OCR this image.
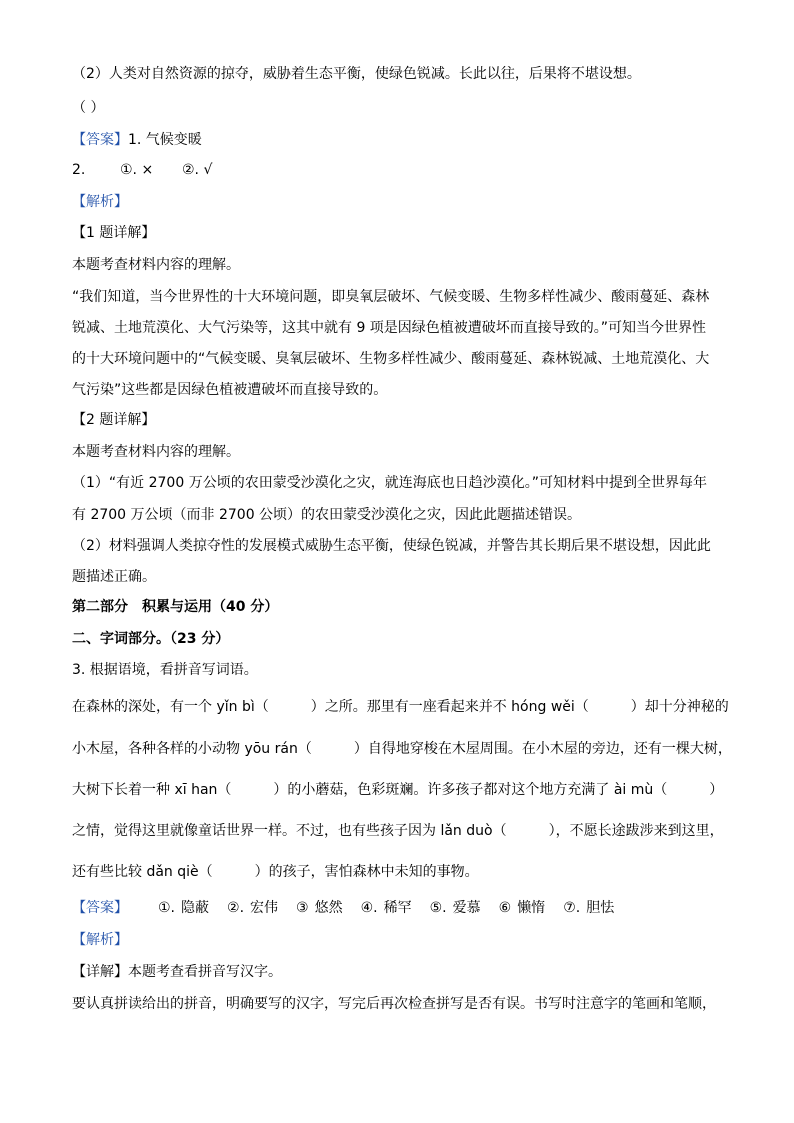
（2）人类对自然资源的掠夺，威胁着生态平衡，使绿色锐减。长此以往，后果将不堪设想。
（ ）
【答案】1. 气候变暖
2. ①. × ②. √
【解析】
【1 题详解】
本题考查材料内容的理解。
“我们知道，当今世界性的十大环境问题，即臭氧层破坏、气候变暖、生物多样性减少、酸雨蔓延、森林
锐减、土地荒漠化、大气污染等，这其中就有 9 项是因绿色植被遭破坏而直接导致的。”可知当今世界性
的十大环境问题中的“气候变暖、臭氧层破坏、生物多样性减少、酸雨蔓延、森林锐减、土地荒漠化、大
气污染”这些都是因绿色植被遭破坏而直接导致的。
【2 题详解】
本题考查材料内容的理解。
（1）“有近 2700 万公顷的农田蒙受沙漠化之灾，就连海底也日趋沙漠化。”可知材料中提到全世界每年
有 2700 万公顷（而非 2700 公顷）的农田蒙受沙漠化之灾，因此此题描述错误。
（2）材料强调人类掠夺性的发展模式威胁生态平衡，使绿色锐减，并警告其长期后果不堪设想，因此此
题描述正确。
第二部分　积累与运用（40 分）
二、字词部分。（23 分）
3. 根据语境，看拼音写词语。
在森林的深处，有一个 yǐn bì（　　　）之所。那里有一座看起来并不 hóng wěi（　　　）却十分神秘的
小木屋，各种各样的小动物 yōu rán（　　　）自得地穿梭在木屋周围。在小木屋的旁边，还有一棵大树，
大树下长着一种 xī han（　　　）的小蘑菇，色彩斑斓。许多孩子都对这个地方充满了 ài mù（　　　）
之情，觉得这里就像童话世界一样。不过，也有些孩子因为 lǎn duò（　　　），不愿长途跋涉来到这里，
还有些比较 dǎn qiè（　　　）的孩子，害怕森林中未知的事物。
【答案】 ①. 隐蔽 ②. 宏伟 ③ 悠然 ④. 稀罕 ⑤. 爱慕 ⑥ 懒惰 ⑦. 胆怯
【解析】
【详解】本题考查看拼音写汉字。
要认真拼读给出的拼音，明确要写的汉字，写完后再次检查拼写是否有误。书写时注意字的笔画和笔顺，
